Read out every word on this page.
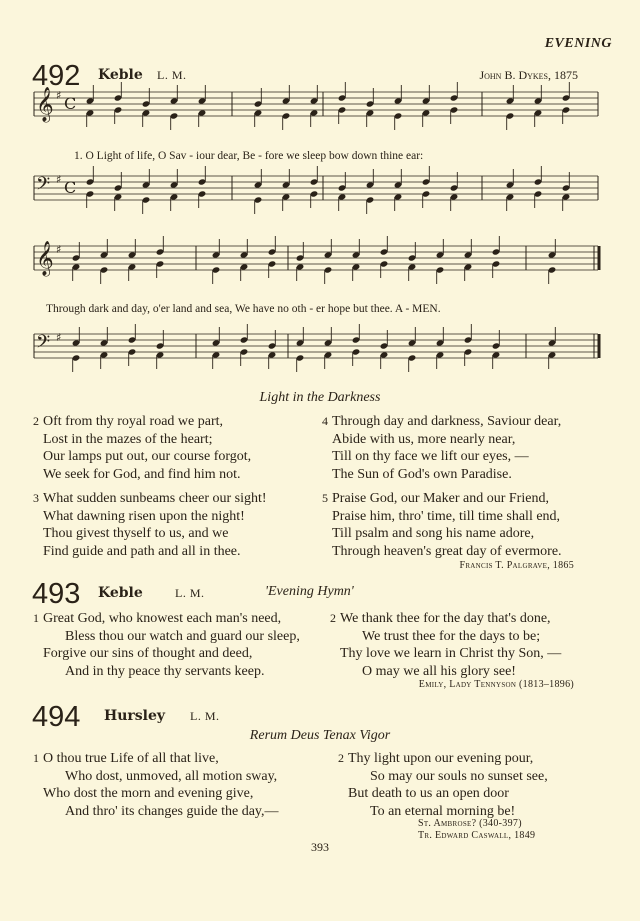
EVENING
492 Keble L. M.	John B. Dykes, 1875
𝄞 ♯ C
𝄢 ♯ C
𝄞 ♯
𝄢 ♯
1. O Light of life, O Sav - iour dear, Be - fore we sleep bow down thine ear:
Through dark and day, o'er land and sea, We have no oth - er hope but thee. A - MEN.
Light in the Darkness
2 Oft from thy royal road we part,
Lost in the mazes of the heart;
Our lamps put out, our course forgot,
We seek for God, and find him not.
3 What sudden sunbeams cheer our sight!
What dawning risen upon the night!
Thou givest thyself to us, and we
Find guide and path and all in thee.
4 Through day and darkness, Saviour dear,
Abide with us, more nearly near,
Till on thy face we lift our eyes, —
The Sun of God's own Paradise.
5 Praise God, our Maker and our Friend,
Praise him, thro' time, till time shall end,
Till psalm and song his name adore,
Through heaven's great day of evermore.
Francis T. Palgrave, 1865
493 Keble	L. M.	'Evening Hymn'
1 Great God, who knowest each man's need,
Bless thou our watch and guard our sleep,
Forgive our sins of thought and deed,
And in thy peace thy servants keep.
2 We thank thee for the day that's done,
We trust thee for the days to be;
Thy love we learn in Christ thy Son, —
O may we all his glory see!
Emily, Lady Tennyson (1813–1896)
494 Hursley L. M.
Rerum Deus Tenax Vigor
1 O thou true Life of all that live,
Who dost, unmoved, all motion sway,
Who dost the morn and evening give,
And thro' its changes guide the day,—
2 Thy light upon our evening pour,
So may our souls no sunset see,
But death to us an open door
To an eternal morning be!
St. Ambrose? (340-397)
Tr. Edward Caswall, 1849
393
